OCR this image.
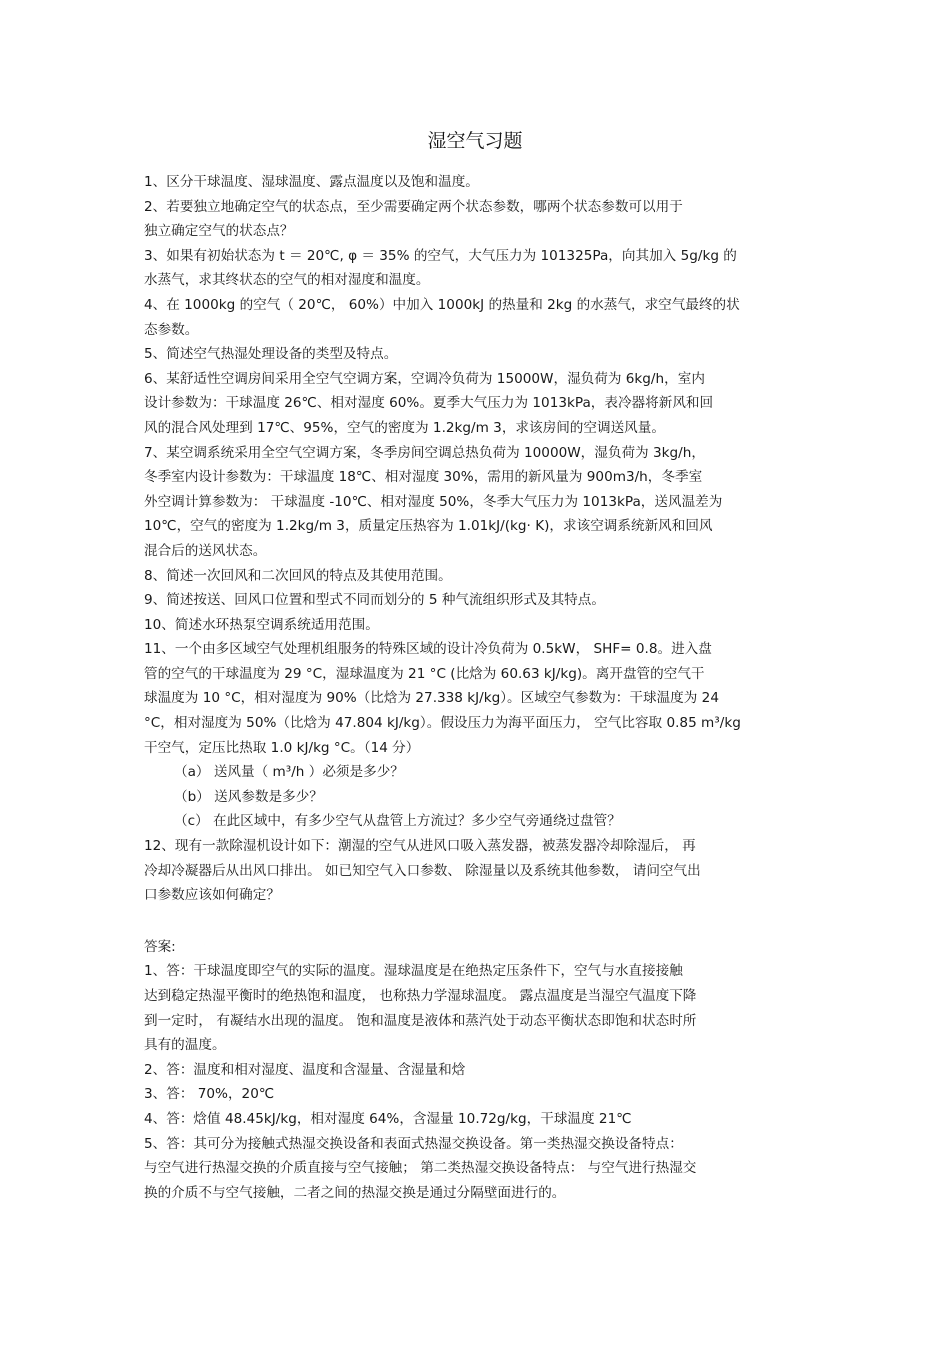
湿空气习题
1、区分干球温度、湿球温度、露点温度以及饱和温度。
2、若要独立地确定空气的状态点，至少需要确定两个状态参数，哪两个状态参数可以用于
独立确定空气的状态点？
3、如果有初始状态为 t ＝ 20℃, φ ＝ 35% 的空气，大气压力为 101325Pa，向其加入 5g/kg 的
水蒸气，求其终状态的空气的相对湿度和温度。
4、在 1000kg 的空气（ 20℃， 60%）中加入 1000kJ 的热量和 2kg 的水蒸气，求空气最终的状
态参数。
5、简述空气热湿处理设备的类型及特点。
6、某舒适性空调房间采用全空气空调方案，空调冷负荷为 15000W，湿负荷为 6kg/h，室内
设计参数为：干球温度 26℃、相对湿度 60%。夏季大气压力为 1013kPa，表冷器将新风和回
风的混合风处理到 17℃、95%，空气的密度为 1.2kg/m 3，求该房间的空调送风量。
7、某空调系统采用全空气空调方案，冬季房间空调总热负荷为 10000W，湿负荷为 3kg/h，
冬季室内设计参数为：干球温度 18℃、相对湿度 30%，需用的新风量为 900m3/h，冬季室
外空调计算参数为： 干球温度 -10℃、相对湿度 50%，冬季大气压力为 1013kPa，送风温差为
10℃，空气的密度为 1.2kg/m 3，质量定压热容为 1.01kJ/(kg· K)，求该空调系统新风和回风
混合后的送风状态。
8、简述一次回风和二次回风的特点及其使用范围。
9、简述按送、回风口位置和型式不同而划分的 5 种气流组织形式及其特点。
10、简述水环热泵空调系统适用范围。
11、一个由多区域空气处理机组服务的特殊区域的设计冷负荷为 0.5kW， SHF= 0.8。进入盘
管的空气的干球温度为 29 °C，湿球温度为 21 °C (比焓为 60.63 kJ/kg)。离开盘管的空气干
球温度为 10 °C，相对湿度为 90%（比焓为 27.338 kJ/kg）。区域空气参数为：干球温度为 24
°C，相对湿度为 50%（比焓为 47.804 kJ/kg）。假设压力为海平面压力， 空气比容取 0.85 m³/kg
干空气，定压比热取 1.0 kJ/kg °C。（14 分）
（a） 送风量（ m³/h ）必须是多少？
（b） 送风参数是多少？
（c） 在此区域中，有多少空气从盘管上方流过？多少空气旁通绕过盘管？
12、现有一款除湿机设计如下：潮湿的空气从进风口吸入蒸发器，被蒸发器冷却除湿后， 再
冷却冷凝器后从出风口排出。 如已知空气入口参数、 除湿量以及系统其他参数， 请问空气出
口参数应该如何确定？
答案:
1、答：干球温度即空气的实际的温度。湿球温度是在绝热定压条件下，空气与水直接接触
达到稳定热湿平衡时的绝热饱和温度， 也称热力学湿球温度。 露点温度是当湿空气温度下降
到一定时， 有凝结水出现的温度。 饱和温度是液体和蒸汽处于动态平衡状态即饱和状态时所
具有的温度。
2、答：温度和相对湿度、温度和含湿量、含湿量和焓
3、答： 70%，20℃
4、答：焓值 48.45kJ/kg，相对湿度 64%，含湿量 10.72g/kg，干球温度 21℃
5、答：其可分为接触式热湿交换设备和表面式热湿交换设备。第一类热湿交换设备特点：
与空气进行热湿交换的介质直接与空气接触； 第二类热湿交换设备特点： 与空气进行热湿交
换的介质不与空气接触，二者之间的热湿交换是通过分隔壁面进行的。
